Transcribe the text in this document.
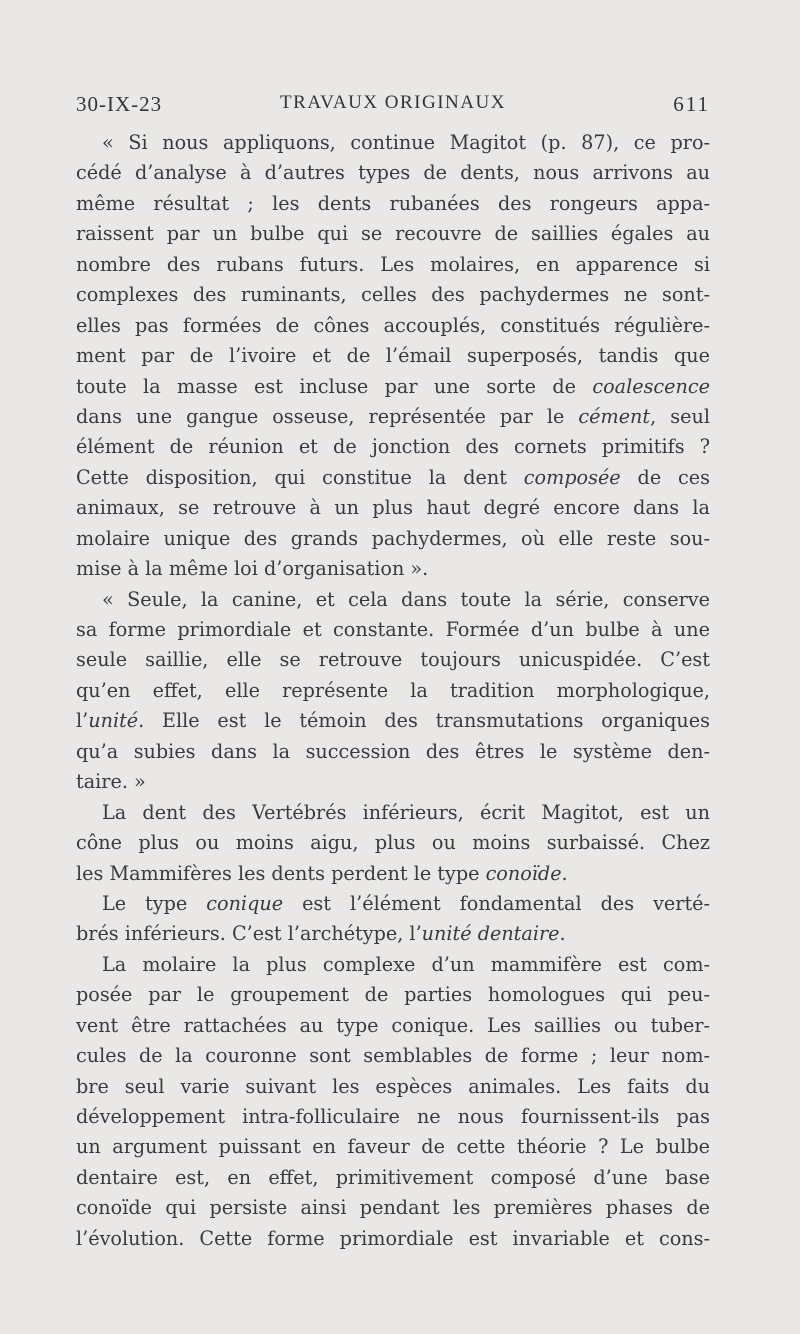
30-IX-23	TRAVAUX ORIGINAUX	611
« Si nous appliquons, continue Magitot (p. 87), ce pro-
cédé d’analyse à d’autres types de dents, nous arrivons au
même résultat ; les dents rubanées des rongeurs appa-
raissent par un bulbe qui se recouvre de saillies égales au
nombre des rubans futurs. Les molaires, en apparence si
complexes des ruminants, celles des pachydermes ne sont-
elles pas formées de cônes accouplés, constitués régulière-
ment par de l’ivoire et de l’émail superposés, tandis que
toute la masse est incluse par une sorte de coalescence
dans une gangue osseuse, représentée par le cément, seul
élément de réunion et de jonction des cornets primitifs ?
Cette disposition, qui constitue la dent composée de ces
animaux, se retrouve à un plus haut degré encore dans la
molaire unique des grands pachydermes, où elle reste sou-
mise à la même loi d’organisation ».
« Seule, la canine, et cela dans toute la série, conserve
sa forme primordiale et constante. Formée d’un bulbe à une
seule saillie, elle se retrouve toujours unicuspidée. C’est
qu’en effet, elle représente la tradition morphologique,
l’unité. Elle est le témoin des transmutations organiques
qu’a subies dans la succession des êtres le système den-
taire. »
La dent des Vertébrés inférieurs, écrit Magitot, est un
cône plus ou moins aigu, plus ou moins surbaissé. Chez
les Mammifères les dents perdent le type conoïde.
Le type conique est l’élément fondamental des verté-
brés inférieurs. C’est l’archétype, l’unité dentaire.
La molaire la plus complexe d’un mammifère est com-
posée par le groupement de parties homologues qui peu-
vent être rattachées au type conique. Les saillies ou tuber-
cules de la couronne sont semblables de forme ; leur nom-
bre seul varie suivant les espèces animales. Les faits du
développement intra-folliculaire ne nous fournissent-ils pas
un argument puissant en faveur de cette théorie ? Le bulbe
dentaire est, en effet, primitivement composé d’une base
conoïde qui persiste ainsi pendant les premières phases de
l’évolution. Cette forme primordiale est invariable et cons-
